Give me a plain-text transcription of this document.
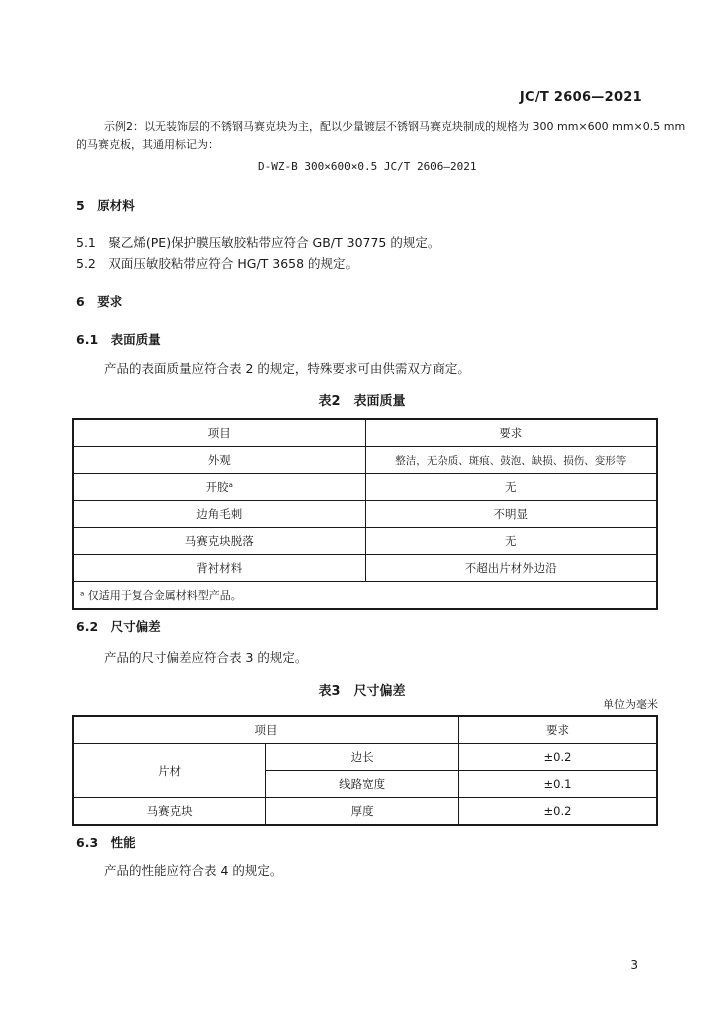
JC/T 2606—2021
示例2：以无装饰层的不锈钢马赛克块为主，配以少量镀层不锈钢马赛克块制成的规格为 300 mm×600 mm×0.5 mm
的马赛克板，其通用标记为：
D-WZ-B 300×600×0.5 JC/T 2606—2021
5　原材料
5.1　聚乙烯(PE)保护膜压敏胶粘带应符合 GB/T 30775 的规定。
5.2　双面压敏胶粘带应符合 HG/T 3658 的规定。
6　要求
6.1　表面质量
产品的表面质量应符合表 2 的规定，特殊要求可由供需双方商定。
表2　表面质量
项目	要求
外观	整洁，无杂质、斑痕、鼓泡、缺损、损伤、变形等
开胶ᵃ	无
边角毛刺	不明显
马赛克块脱落	无
背衬材料	不超出片材外边沿
ᵃ 仅适用于复合金属材料型产品。	
6.2　尺寸偏差
产品的尺寸偏差应符合表 3 的规定。
表3　尺寸偏差
单位为毫米
项目		要求
片材	边长	±0.2
	线路宽度	±0.1
马赛克块	厚度	±0.2
6.3　性能
产品的性能应符合表 4 的规定。
3
